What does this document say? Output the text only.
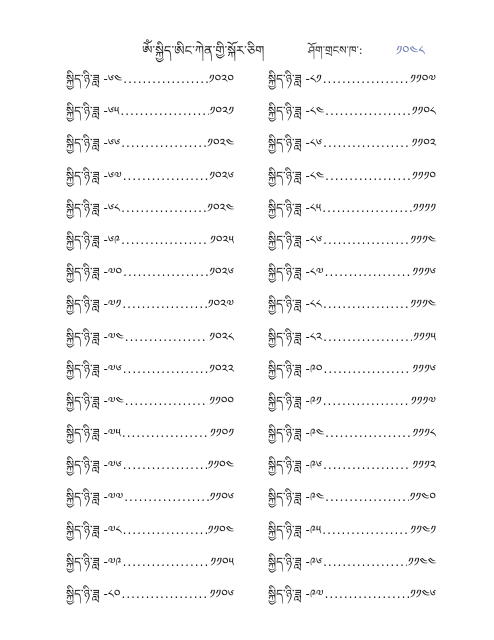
ༀ་སྐྱིད་ཨིང་ཀེན་གྱི་སྐོར་ཅིག	ཤོག་གྲངས་ཁ་:	༡༠༤༨
སྐྱིད་ཉི་ཟླ -༦༤ .....	༡༠༢༠
སྐྱིད་ཉི་ཟླ -༦༥ .....	༡༠༢༡
སྐྱིད་ཉི་ཟླ -༦༦ .....	༡༠༢༤
སྐྱིད་ཉི་ཟླ -༦༧ .....	༡༠༢༦
སྐྱིད་ཉི་ཟླ -༦༨ .....	༡༠༢༤
སྐྱིད་ཉི་ཟླ -༦༩ .....	༡༠༢༥
སྐྱིད་ཉི་ཟླ -༧༠ .....	༡༠༢༦
སྐྱིད་ཉི་ཟླ -༧༡ .....	༡༠༢༧
སྐྱིད་ཉི་ཟླ -༧༤ .....	༡༠༢༨
སྐྱིད་ཉི་ཟླ -༧༦ .....	༡༠༢༢
སྐྱིད་ཉི་ཟླ -༧༤ .....	༡༡༠༠
སྐྱིད་ཉི་ཟླ -༧༥ .....	༡༡༠༡
སྐྱིད་ཉི་ཟླ -༧༦ .....	༡༡༠༤
སྐྱིད་ཉི་ཟླ -༧༧ .....	༡༡༠༦
སྐྱིད་ཉི་ཟླ -༧༨ .....	༡༡༠༤
སྐྱིད་ཉི་ཟླ -༧༩ .....	༡༡༠༥
སྐྱིད་ཉི་ཟླ -༨༠ .....	༡༡༠༦
སྐྱིད་ཉི་ཟླ -༨༡ .....	༡༡༠༧
སྐྱིད་ཉི་ཟླ -༨༤ .....	༡༡༠༨
སྐྱིད་ཉི་ཟླ -༨༦ .....	༡༡༠༢
སྐྱིད་ཉི་ཟླ -༨༤ .....	༡༡༡༠
སྐྱིད་ཉི་ཟླ -༨༥ .....	༡༡༡༡
སྐྱིད་ཉི་ཟླ -༨༦ .....	༡༡༡༤
སྐྱིད་ཉི་ཟླ -༨༧ .....	༡༡༡༦
སྐྱིད་ཉི་ཟླ -༨༨ .....	༡༡༡༤
སྐྱིད་ཉི་ཟླ -༨༢ .....	༡༡༡༥
སྐྱིད་ཉི་ཟླ -༩༠ .....	༡༡༡༦
སྐྱིད་ཉི་ཟླ -༩༡ .....	༡༡༡༧
སྐྱིད་ཉི་ཟླ -༩༤ .....	༡༡༡༨
སྐྱིད་ཉི་ཟླ -༩༦ .....	༡༡༡༢
སྐྱིད་ཉི་ཟླ -༩༤ .....	༡༡༤༠
སྐྱིད་ཉི་ཟླ -༩༥ .....	༡༡༤༡
སྐྱིད་ཉི་ཟླ -༩༦ .....	༡༡༤༤
སྐྱིད་ཉི་ཟླ -༩༧ .....	༡༡༤༦
